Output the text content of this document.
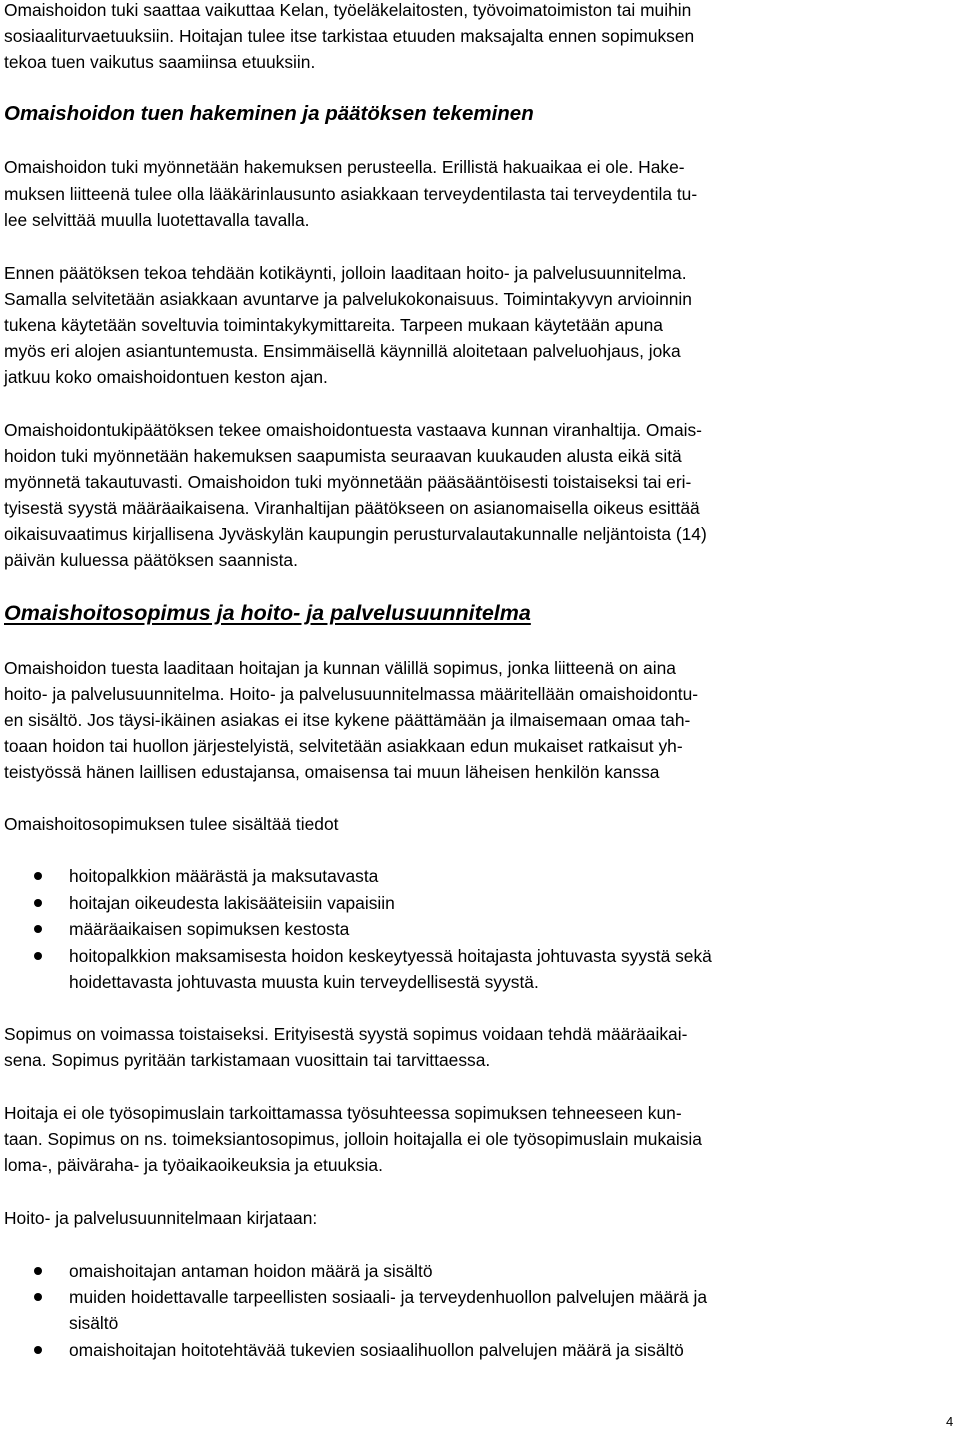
Omaishoidon tuki saattaa vaikuttaa Kelan, työeläkelaitosten, työvoimatoimiston tai muihin
sosiaaliturvaetuuksiin. Hoitajan tulee itse tarkistaa etuuden maksajalta ennen sopimuksen
tekoa tuen vaikutus saamiinsa etuuksiin.
Omaishoidon tuen hakeminen ja päätöksen tekeminen
Omaishoidon tuki myönnetään hakemuksen perusteella. Erillistä hakuaikaa ei ole. Hake-
muksen liitteenä tulee olla lääkärinlausunto asiakkaan terveydentilasta tai terveydentila tu-
lee selvittää muulla luotettavalla tavalla.
Ennen päätöksen tekoa tehdään kotikäynti, jolloin laaditaan hoito- ja palvelusuunnitelma.
Samalla selvitetään asiakkaan avuntarve ja palvelukokonaisuus. Toimintakyvyn arvioinnin
tukena käytetään soveltuvia toimintakykymittareita. Tarpeen mukaan käytetään apuna
myös eri alojen asiantuntemusta. Ensimmäisellä käynnillä aloitetaan palveluohjaus, joka
jatkuu koko omaishoidontuen keston ajan.
Omaishoidontukipäätöksen tekee omaishoidontuesta vastaava kunnan viranhaltija. Omais-
hoidon tuki myönnetään hakemuksen saapumista seuraavan kuukauden alusta eikä sitä
myönnetä takautuvasti. Omaishoidon tuki myönnetään pääsääntöisesti toistaiseksi tai eri-
tyisestä syystä määräaikaisena. Viranhaltijan päätökseen on asianomaisella oikeus esittää
oikaisuvaatimus kirjallisena Jyväskylän kaupungin perusturvalautakunnalle neljäntoista (14)
päivän kuluessa päätöksen saannista.
Omaishoitosopimus ja hoito- ja palvelusuunnitelma
Omaishoidon tuesta laaditaan hoitajan ja kunnan välillä sopimus, jonka liitteenä on aina
hoito- ja palvelusuunnitelma. Hoito- ja palvelusuunnitelmassa määritellään omaishoidontu-
en sisältö. Jos täysi-ikäinen asiakas ei itse kykene päättämään ja ilmaisemaan omaa tah-
toaan hoidon tai huollon järjestelyistä, selvitetään asiakkaan edun mukaiset ratkaisut yh-
teistyössä hänen laillisen edustajansa, omaisensa tai muun läheisen henkilön kanssa
Omaishoitosopimuksen tulee sisältää tiedot
hoitopalkkion määrästä ja maksutavasta
hoitajan oikeudesta lakisääteisiin vapaisiin
määräaikaisen sopimuksen kestosta
hoitopalkkion maksamisesta hoidon keskeytyessä hoitajasta johtuvasta syystä sekä
hoidettavasta johtuvasta muusta kuin terveydellisestä syystä.
Sopimus on voimassa toistaiseksi. Erityisestä syystä sopimus voidaan tehdä määräaikai-
sena. Sopimus pyritään tarkistamaan vuosittain tai tarvittaessa.
Hoitaja ei ole työsopimuslain tarkoittamassa työsuhteessa sopimuksen tehneeseen kun-
taan. Sopimus on ns. toimeksiantosopimus, jolloin hoitajalla ei ole työsopimuslain mukaisia
loma-, päiväraha- ja työaikaoikeuksia ja etuuksia.
Hoito- ja palvelusuunnitelmaan kirjataan:
omaishoitajan antaman hoidon määrä ja sisältö
muiden hoidettavalle tarpeellisten sosiaali- ja terveydenhuollon palvelujen määrä ja
sisältö
omaishoitajan hoitotehtävää tukevien sosiaalihuollon palvelujen määrä ja sisältö
4
